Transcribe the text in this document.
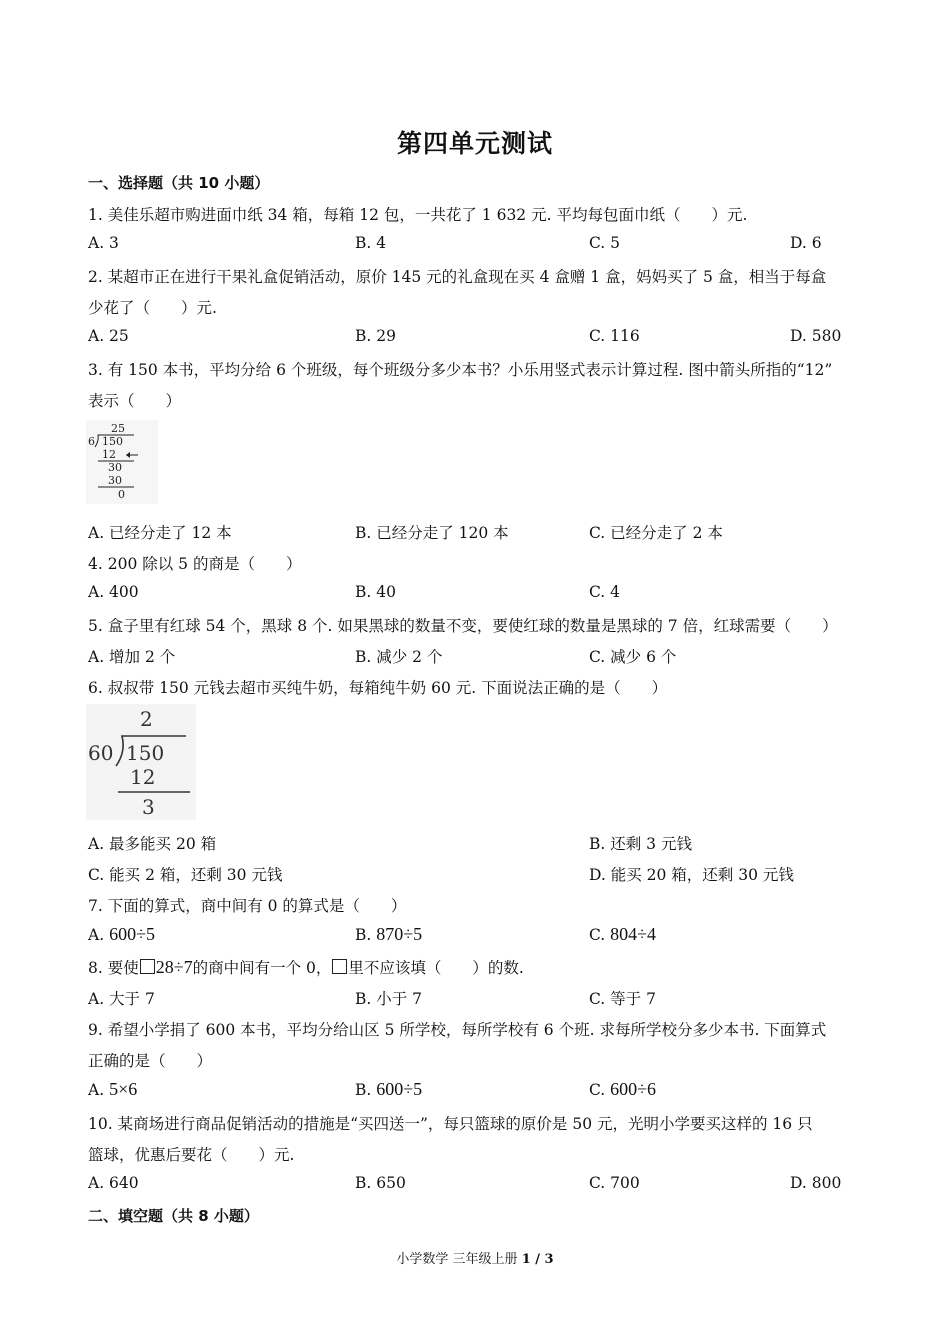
第四单元测试
一、选择题（共 10 小题）
1. 美佳乐超市购进面巾纸 34 箱，每箱 12 包，一共花了 1 632 元. 平均每包面巾纸（　　）元.
A. 3	B. 4	C. 5	D. 6
2. 某超市正在进行干果礼盒促销活动，原价 145 元的礼盒现在买 4 盒赠 1 盒，妈妈买了 5 盒，相当于每盒
少花了（　　）元.
A. 25	B. 29	C. 116	D. 580
3. 有 150 本书，平均分给 6 个班级，每个班级分多少本书？小乐用竖式表示计算过程. 图中箭头所指的“12”
表示（　　）
25
6 150
12
30
30
0
A. 已经分走了 12 本	B. 已经分走了 120 本	C. 已经分走了 2 本
4. 200 除以 5 的商是（　　）
A. 400	B. 40	C. 4
5. 盒子里有红球 54 个，黑球 8 个. 如果黑球的数量不变，要使红球的数量是黑球的 7 倍，红球需要（　　）
A. 增加 2 个	B. 减少 2 个	C. 减少 6 个
6. 叔叔带 150 元钱去超市买纯牛奶，每箱纯牛奶 60 元. 下面说法正确的是（　　）
2
60 150
12
3
A. 最多能买 20 箱	B. 还剩 3 元钱
C. 能买 2 箱，还剩 30 元钱	D. 能买 20 箱，还剩 30 元钱
7. 下面的算式，商中间有 0 的算式是（　　）
A. 600÷5	B. 870÷5	C. 804÷4
8. 要使 28÷7的商中间有一个 0， 里不应该填（　　）的数.
A. 大于 7	B. 小于 7	C. 等于 7
9. 希望小学捐了 600 本书，平均分给山区 5 所学校，每所学校有 6 个班. 求每所学校分多少本书. 下面算式
正确的是（　　）
A. 5×6	B. 600÷5	C. 600÷6
10. 某商场进行商品促销活动的措施是“买四送一”，每只篮球的原价是 50 元，光明小学要买这样的 16 只
篮球，优惠后要花（　　）元.
A. 640	B. 650	C. 700	D. 800
二、填空题（共 8 小题）
小学数学 三年级上册 1 / 3
